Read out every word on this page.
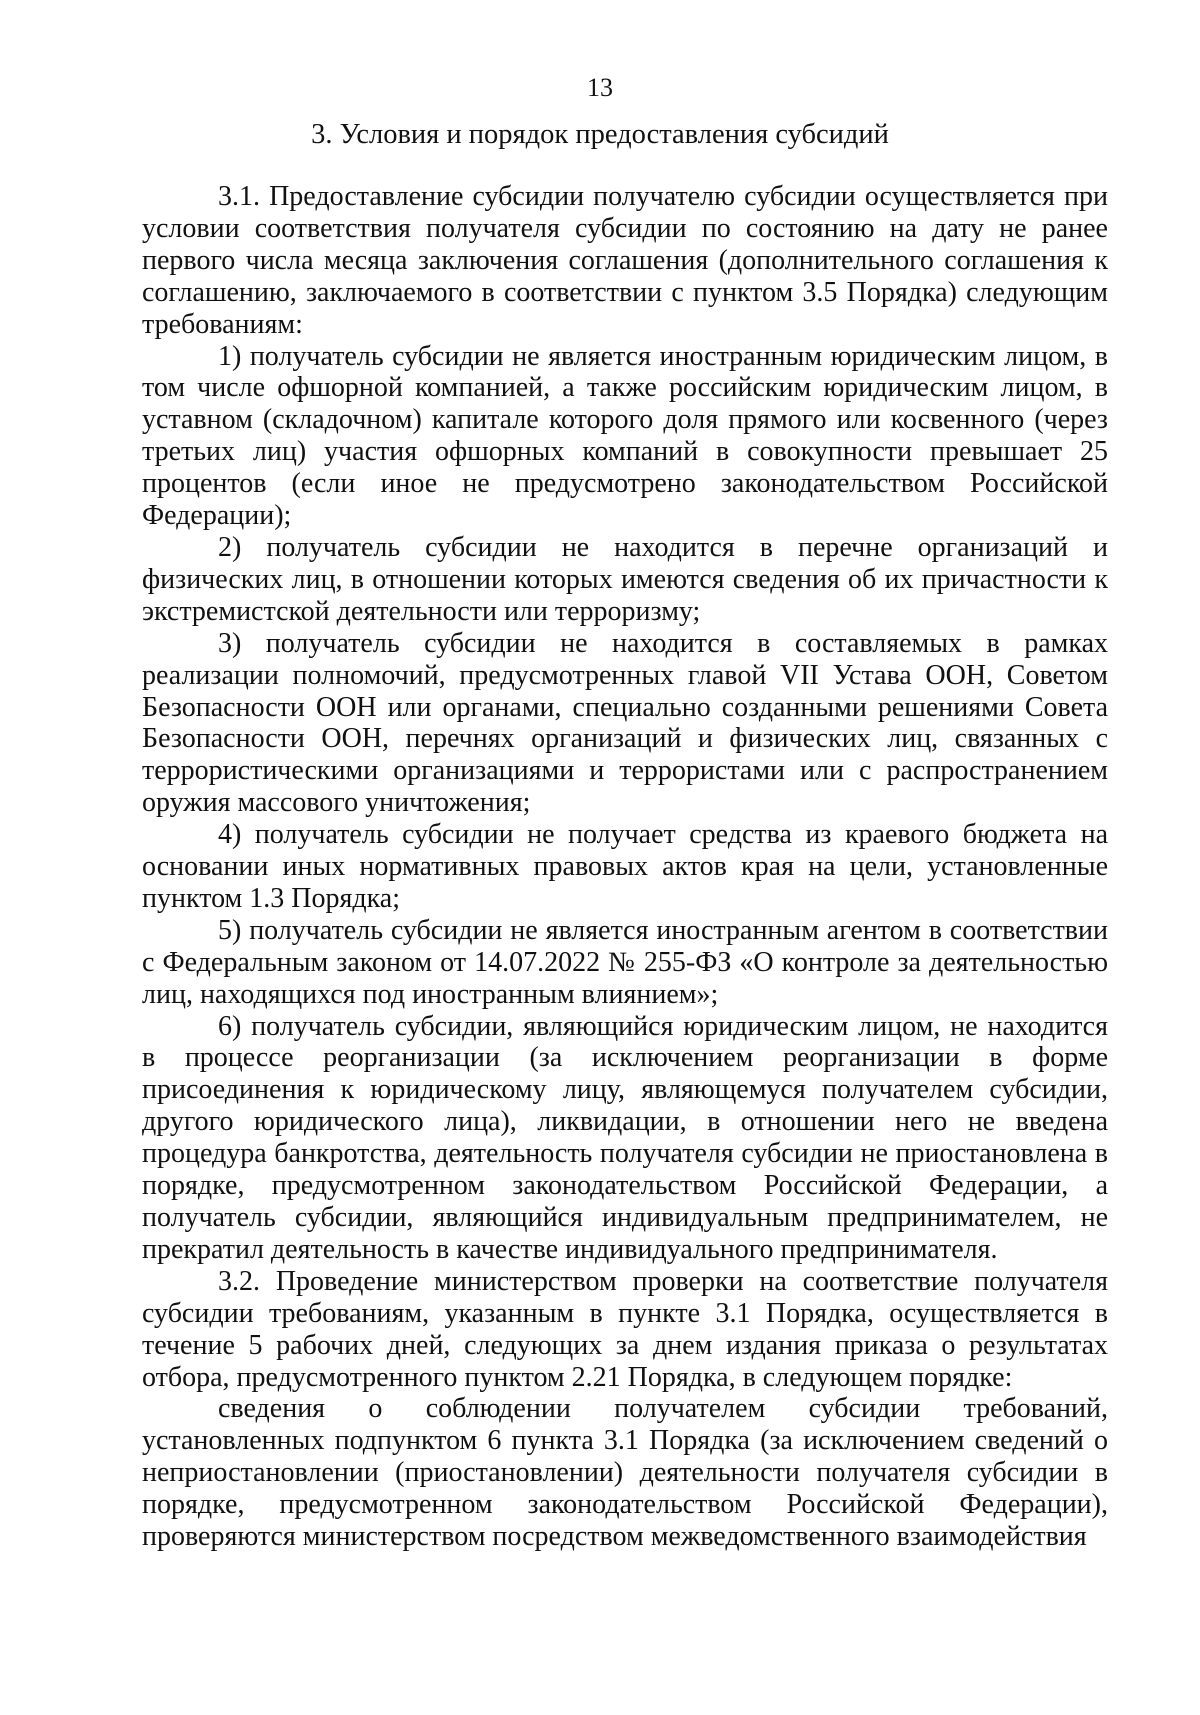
13
3. Условия и порядок предоставления субсидий

3.1. Предоставление субсидии получателю субсидии осуществляется при условии соответствия получателя субсидии по состоянию на дату не ранее первого числа месяца заключения соглашения (дополнительного соглашения к соглашению, заключаемого в соответствии с пунктом 3.5 Порядка) следующим требованиям:

1) получатель субсидии не является иностранным юридическим лицом, в том числе офшорной компанией, а также российским юридическим лицом, в уставном (складочном) капитале которого доля прямого или косвенного (через третьих лиц) участия офшорных компаний в совокупности превышает 25 процентов (если иное не предусмотрено законодательством Российской Федерации);

2) получатель субсидии не находится в перечне организаций и физических лиц, в отношении которых имеются сведения об их причастности к экстремистской деятельности или терроризму;

3) получатель субсидии не находится в составляемых в рамках реализации полномочий, предусмотренных главой VII Устава ООН, Советом Безопасности ООН или органами, специально созданными решениями Совета Безопасности ООН, перечнях организаций и физических лиц, связанных с террористическими организациями и террористами или с распространением оружия массового уничтожения;

4) получатель субсидии не получает средства из краевого бюджета на основании иных нормативных правовых актов края на цели, установленные пунктом 1.3 Порядка;

5) получатель субсидии не является иностранным агентом в соответствии с Федеральным законом от 14.07.2022 № 255-ФЗ «О контроле за деятельностью лиц, находящихся под иностранным влиянием»;

6) получатель субсидии, являющийся юридическим лицом, не находится в процессе реорганизации (за исключением реорганизации в форме присоединения к юридическому лицу, являющемуся получателем субсидии, другого юридического лица), ликвидации, в отношении него не введена процедура банкротства, деятельность получателя субсидии не приостановлена в порядке, предусмотренном законодательством Российской Федерации, а получатель субсидии, являющийся индивидуальным предпринимателем, не прекратил деятельность в качестве индивидуального предпринимателя.

3.2. Проведение министерством проверки на соответствие получателя субсидии требованиям, указанным в пункте 3.1 Порядка, осуществляется в течение 5 рабочих дней, следующих за днем издания приказа о результатах отбора, предусмотренного пунктом 2.21 Порядка, в следующем порядке:

сведения о соблюдении получателем субсидии требований, установленных подпунктом 6 пункта 3.1 Порядка (за исключением сведений о неприостановлении (приостановлении) деятельности получателя субсидии в порядке, предусмотренном законодательством Российской Федерации), проверяются министерством посредством межведомственного взаимодействия
